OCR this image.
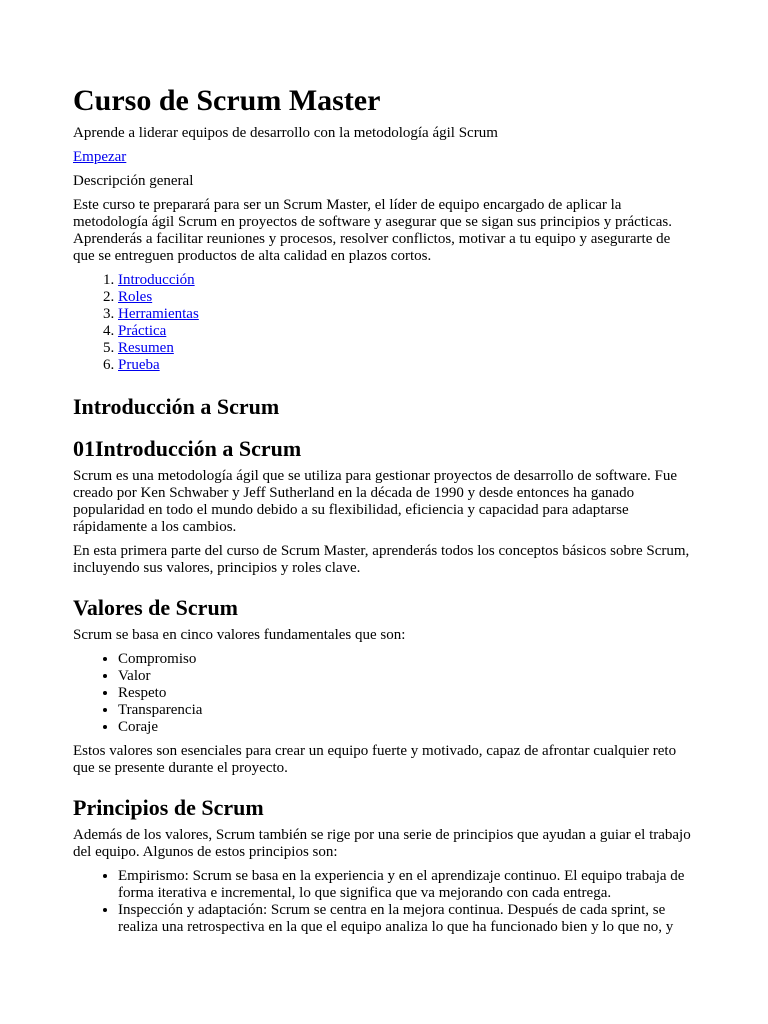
Curso de Scrum Master

Aprende a liderar equipos de desarrollo con la metodología ágil Scrum

Empezar

Descripción general

Este curso te preparará para ser un Scrum Master, el líder de equipo encargado de aplicar la metodología ágil Scrum en proyectos de software y asegurar que se sigan sus principios y prácticas. Aprenderás a facilitar reuniones y procesos, resolver conflictos, motivar a tu equipo y asegurarte de que se entreguen productos de alta calidad en plazos cortos.

1. Introducción
2. Roles
3. Herramientas
4. Práctica
5. Resumen
6. Prueba
Introducción a Scrum
01Introducción a Scrum

Scrum es una metodología ágil que se utiliza para gestionar proyectos de desarrollo de software. Fue creado por Ken Schwaber y Jeff Sutherland en la década de 1990 y desde entonces ha ganado popularidad en todo el mundo debido a su flexibilidad, eficiencia y capacidad para adaptarse rápidamente a los cambios.

En esta primera parte del curso de Scrum Master, aprenderás todos los conceptos básicos sobre Scrum, incluyendo sus valores, principios y roles clave.

Valores de Scrum

Scrum se basa en cinco valores fundamentales que son:

• Compromiso
• Valor
• Respeto
• Transparencia
• Coraje

Estos valores son esenciales para crear un equipo fuerte y motivado, capaz de afrontar cualquier reto que se presente durante el proyecto.

Principios de Scrum

Además de los valores, Scrum también se rige por una serie de principios que ayudan a guiar el trabajo del equipo. Algunos de estos principios son:

• Empirismo: Scrum se basa en la experiencia y en el aprendizaje continuo. El equipo trabaja de forma iterativa e incremental, lo que significa que va mejorando con cada entrega.
• Inspección y adaptación: Scrum se centra en la mejora continua. Después de cada sprint, se realiza una retrospectiva en la que el equipo analiza lo que ha funcionado bien y lo que no, y
